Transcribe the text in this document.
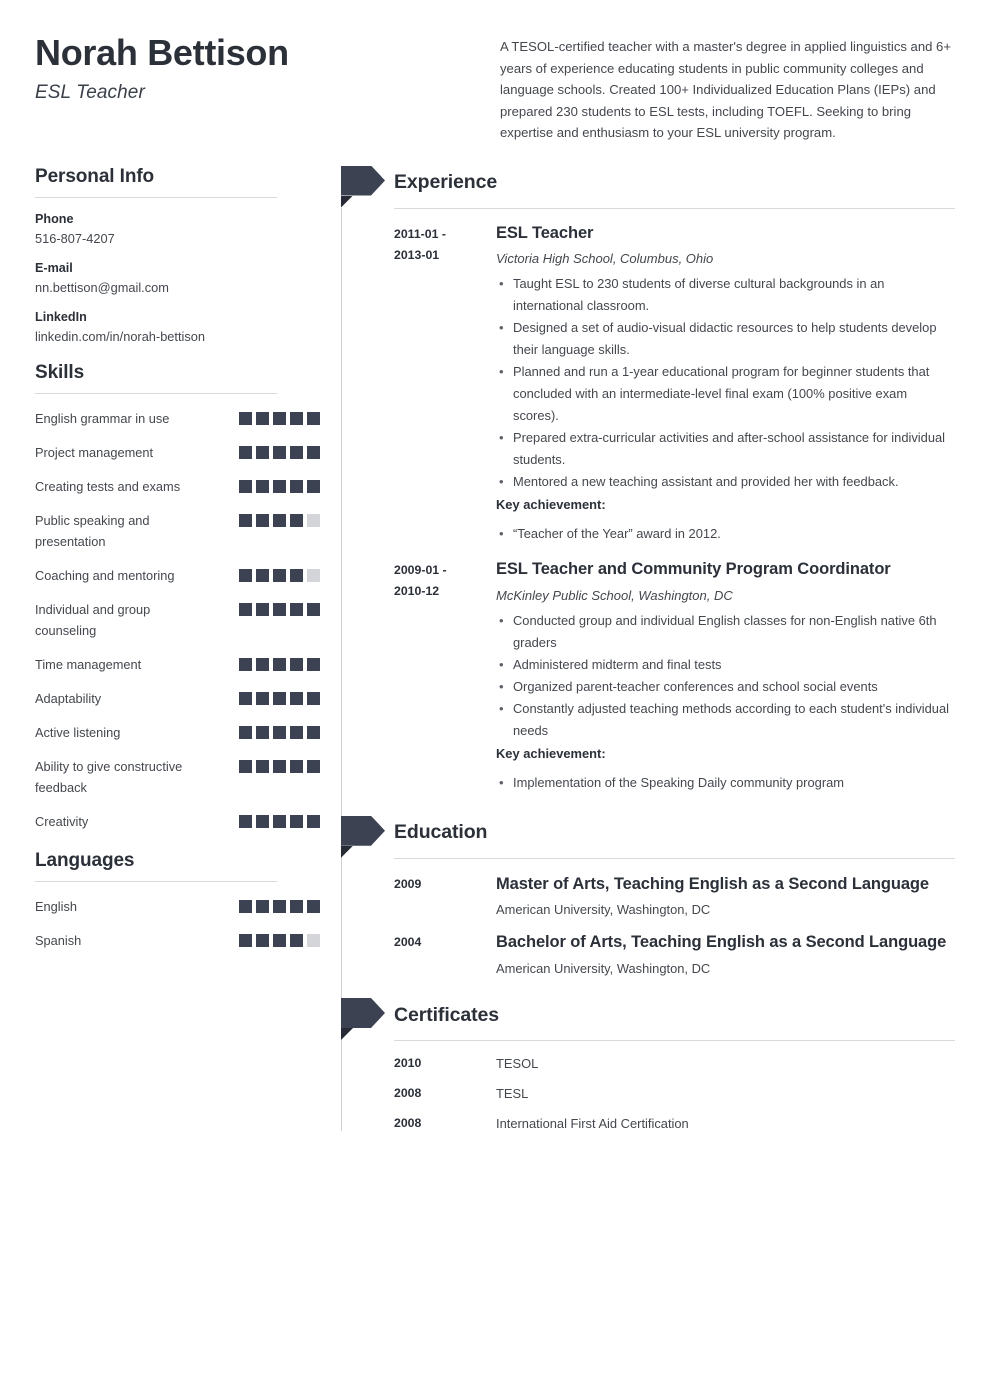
Norah Bettison
ESL Teacher
A TESOL-certified teacher with a master's degree in applied linguistics and 6+ years of experience educating students in public community colleges and language schools. Created 100+ Individualized Education Plans (IEPs) and prepared 230 students to ESL tests, including TOEFL. Seeking to bring expertise and enthusiasm to your ESL university program.
Personal Info
Phone
516-807-4207
E-mail
nn.bettison@gmail.com
LinkedIn
linkedin.com/in/norah-bettison
Skills
English grammar in use
Project management
Creating tests and exams
Public speaking and presentation
Coaching and mentoring
Individual and group counseling
Time management
Adaptability
Active listening
Ability to give constructive feedback
Creativity
Languages
English
Spanish
Experience
2011-01 -
2013-01
ESL Teacher
Victoria High School, Columbus, Ohio
• Taught ESL to 230 students of diverse cultural backgrounds in an international classroom.
• Designed a set of audio-visual didactic resources to help students develop their language skills.
• Planned and run a 1-year educational program for beginner students that concluded with an intermediate-level final exam (100% positive exam scores).
• Prepared extra-curricular activities and after-school assistance for individual students.
• Mentored a new teaching assistant and provided her with feedback.
Key achievement:
• “Teacher of the Year” award in 2012.
2009-01 -
2010-12
ESL Teacher and Community Program Coordinator
McKinley Public School, Washington, DC
• Conducted group and individual English classes for non-English native 6th graders
• Administered midterm and final tests
• Organized parent-teacher conferences and school social events
• Constantly adjusted teaching methods according to each student's individual needs
Key achievement:
• Implementation of the Speaking Daily community program
Education
2009	Master of Arts, Teaching English as a Second Language
American University, Washington, DC
2004	Bachelor of Arts, Teaching English as a Second Language
American University, Washington, DC
Certificates
2010	TESOL
2008	TESL
2008	International First Aid Certification
